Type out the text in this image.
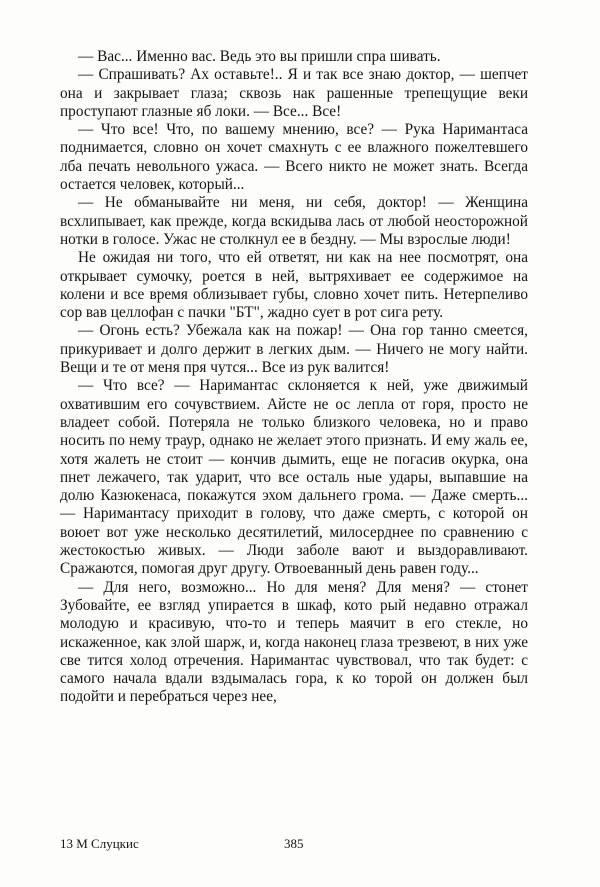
— Вас... Именно вас. Ведь это вы пришли спра шивать.

— Спрашивать? Ах оставьте!.. Я и так все знаю доктор, — шепчет она и закрывает глаза; сквозь нак рашенные трепещущие веки проступают глазные яб локи. — Все... Все!

— Что все! Что, по вашему мнению, все? — Рука Наримантаса поднимается, словно он хочет смахнуть с ее влажного пожелтевшего лба печать невольного ужаса. — Всего никто не может знать. Всегда остается человек, который...

— Не обманывайте ни меня, ни себя, доктор! — Женщина всхлипывает, как прежде, когда вскидыва лась от любой неосторожной нотки в голосе. Ужас не столкнул ее в бездну. — Мы взрослые люди!

Не ожидая ни того, что ей ответят, ни как на нее посмотрят, она открывает сумочку, роется в ней, вытряхивает ее содержимое на колени и все время облизывает губы, словно хочет пить. Нетерпеливо сор вав целлофан с пачки "БТ", жадно сует в рот сига рету.

— Огонь есть? Убежала как на пожар! — Она гор танно смеется, прикуривает и долго держит в легких дым. — Ничего не могу найти. Вещи и те от меня пря чутся... Все из рук валится!

— Что все? — Наримантас склоняется к ней, уже движимый охватившим его сочувствием. Айсте не ос лепла от горя, просто не владеет собой. Потеряла не только близкого человека, но и право носить по нему траур, однако не желает этого признать. И ему жаль ее, хотя жалеть не стоит — кончив дымить, еще не погасив окурка, она пнет лежачего, так ударит, что все осталь ные удары, выпавшие на долю Казюкенаса, покажутся эхом дальнего грома. — Даже смерть... — Наримантасу приходит в голову, что даже смерть, с которой он воюет вот уже несколько десятилетий, милосерднее по сравнению с жестокостью живых. — Люди заболе вают и выздоравливают. Сражаются, помогая друг другу. Отвоеванный день равен году...

— Для него, возможно... Но для меня? Для меня? — стонет Зубовайте, ее взгляд упирается в шкаф, кото рый недавно отражал молодую и красивую, что-то и теперь маячит в его стекле, но искаженное, как злой шарж, и, когда наконец глаза трезвеют, в них уже све тится холод отречения. Наримантас чувствовал, что так будет: с самого начала вдали вздымалась гора, к ко торой он должен был подойти и перебраться через нее,

13 М Слуцкис	385
